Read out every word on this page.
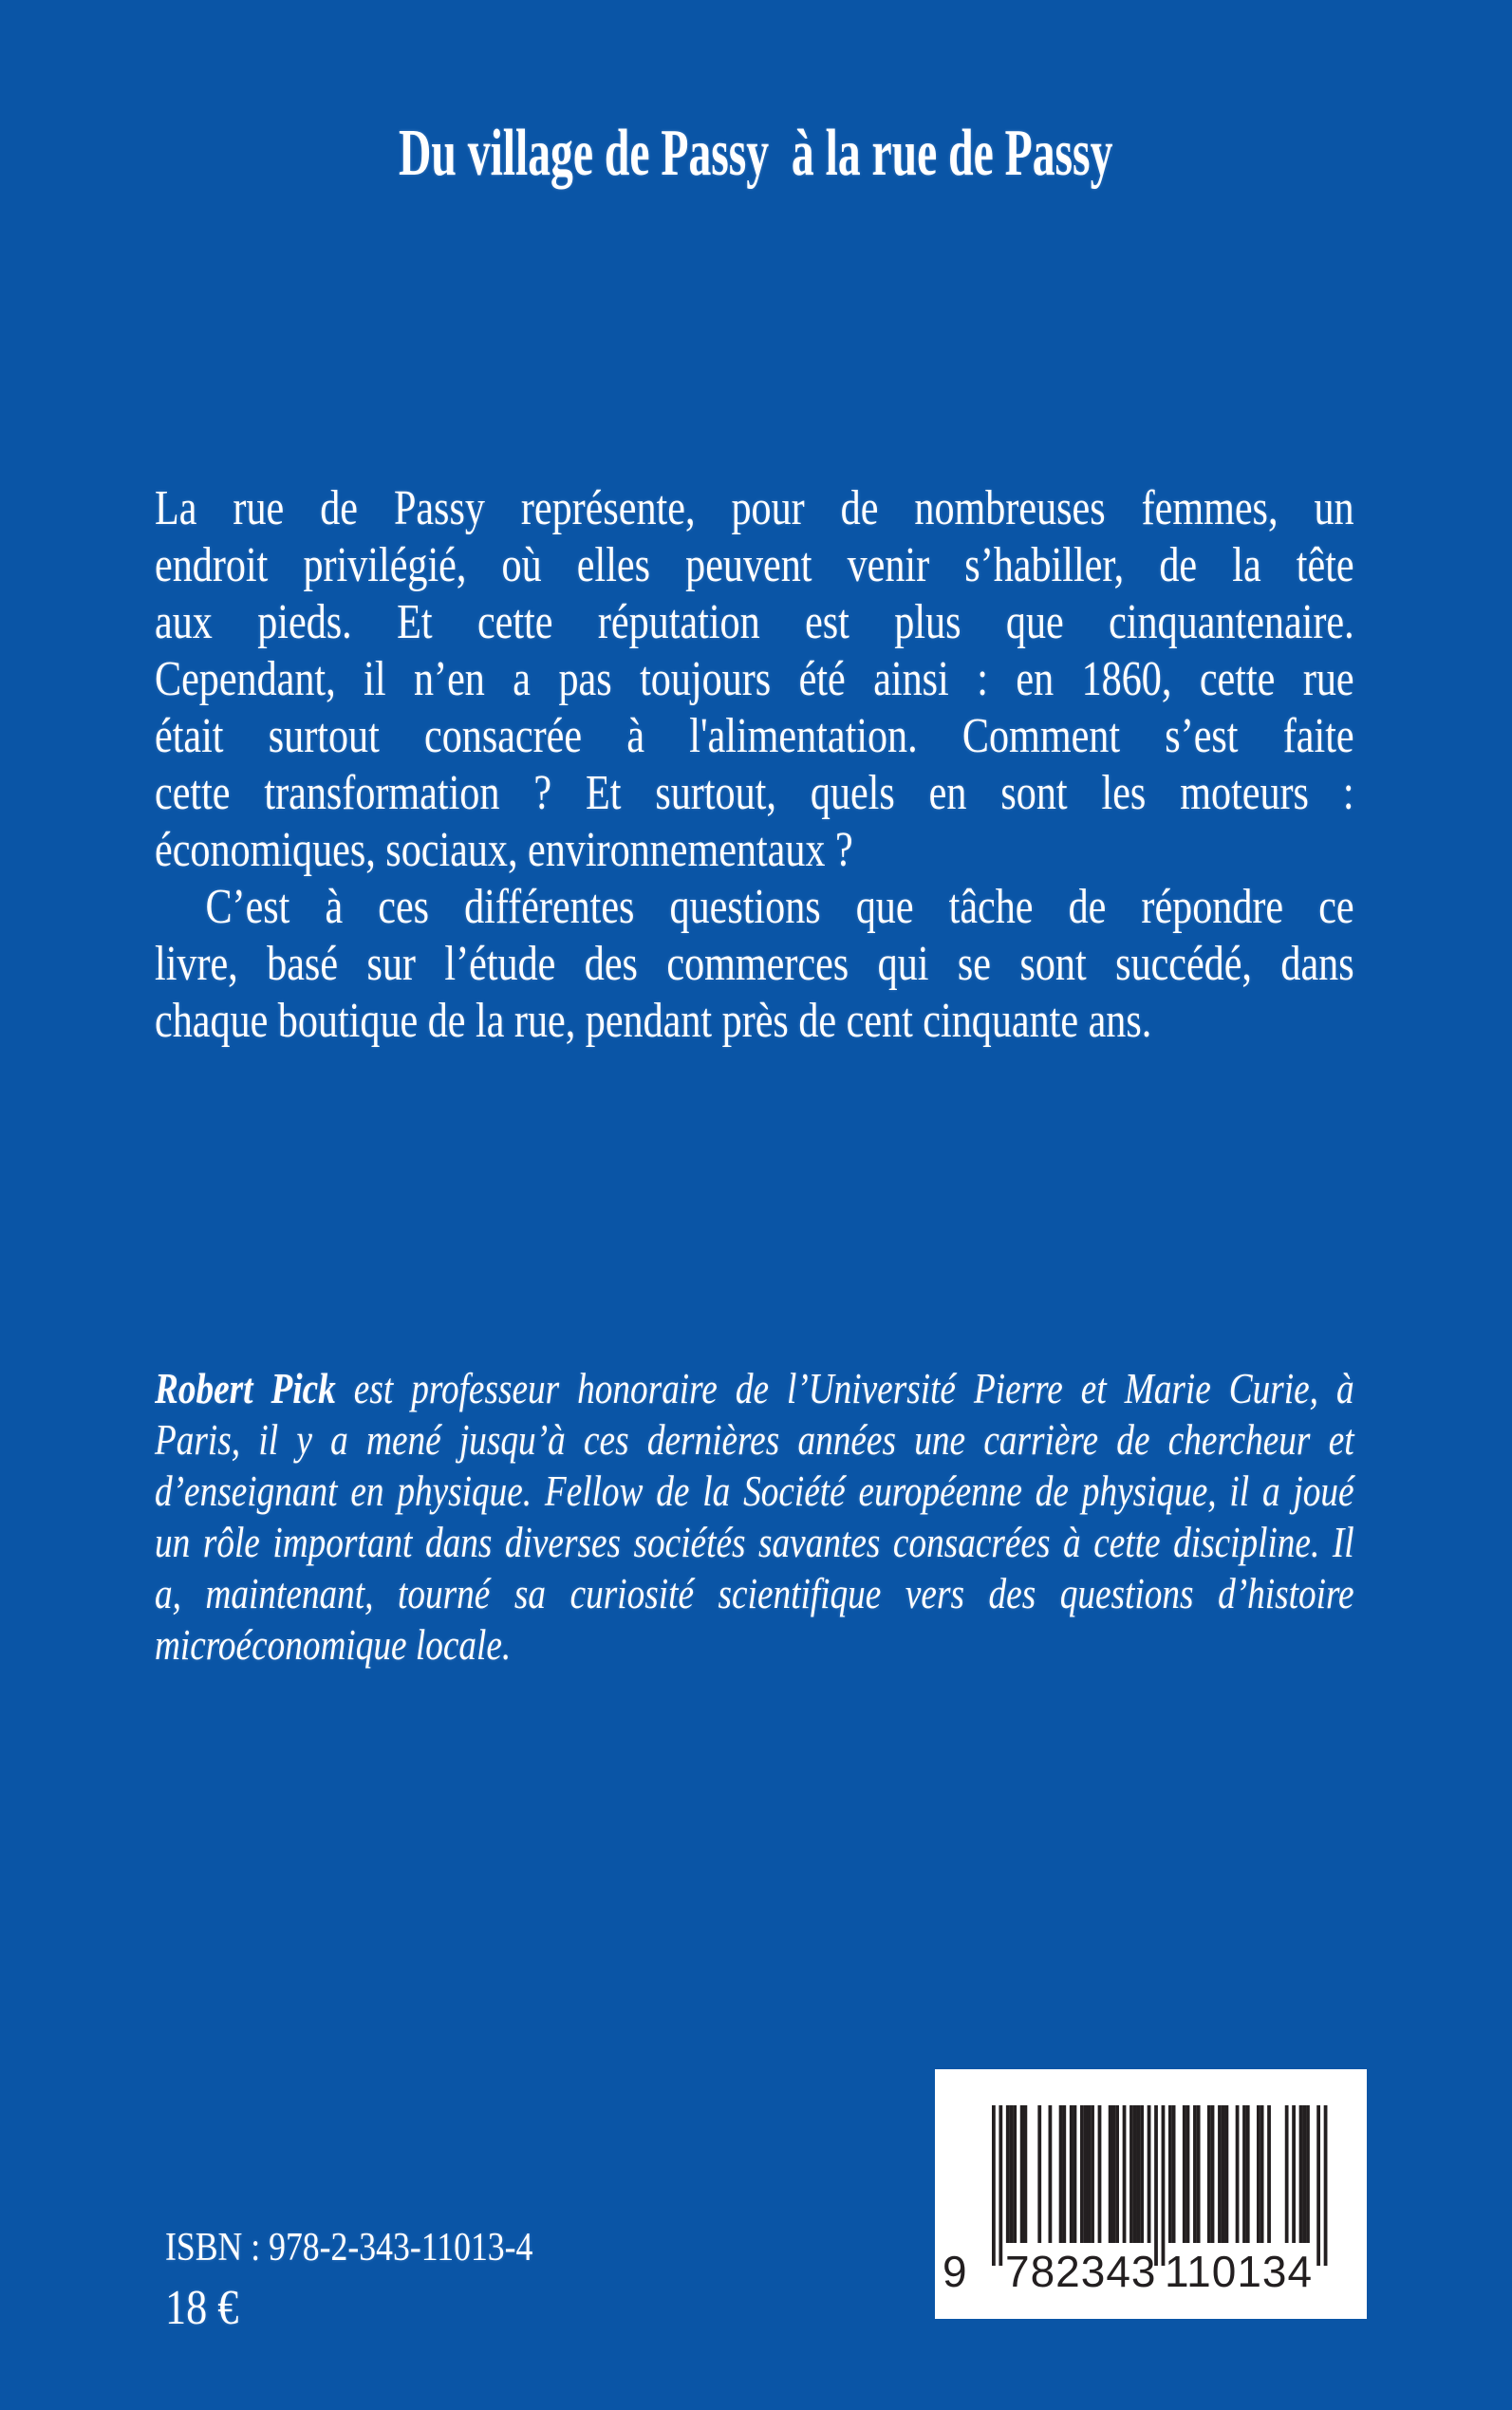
Du village de Passy  à la rue de Passy
La rue de Passy représente, pour de nombreuses femmes, un
endroit privilégié, où elles peuvent venir s’habiller, de la tête
aux pieds. Et cette réputation est plus que cinquantenaire.
Cependant, il n’en a pas toujours été ainsi : en 1860, cette rue
était surtout consacrée à l'alimentation. Comment s’est faite
cette transformation ? Et surtout, quels en sont les moteurs :
économiques, sociaux, environnementaux ?
C’est à ces différentes questions que tâche de répondre ce
livre, basé sur l’étude des commerces qui se sont succédé, dans
chaque boutique de la rue, pendant près de cent cinquante ans.
Robert Pick est professeur honoraire de l’Université Pierre et Marie Curie, à
Paris, il y a mené jusqu’à ces dernières années une carrière de chercheur et
d’enseignant en physique. Fellow de la Société européenne de physique, il a joué
un rôle important dans diverses sociétés savantes consacrées à cette discipline. Il
a, maintenant, tourné sa curiosité scientifique vers des questions d’histoire
microéconomique locale.
ISBN : 978-2-343-11013-4
18 €
9 782343 110134
